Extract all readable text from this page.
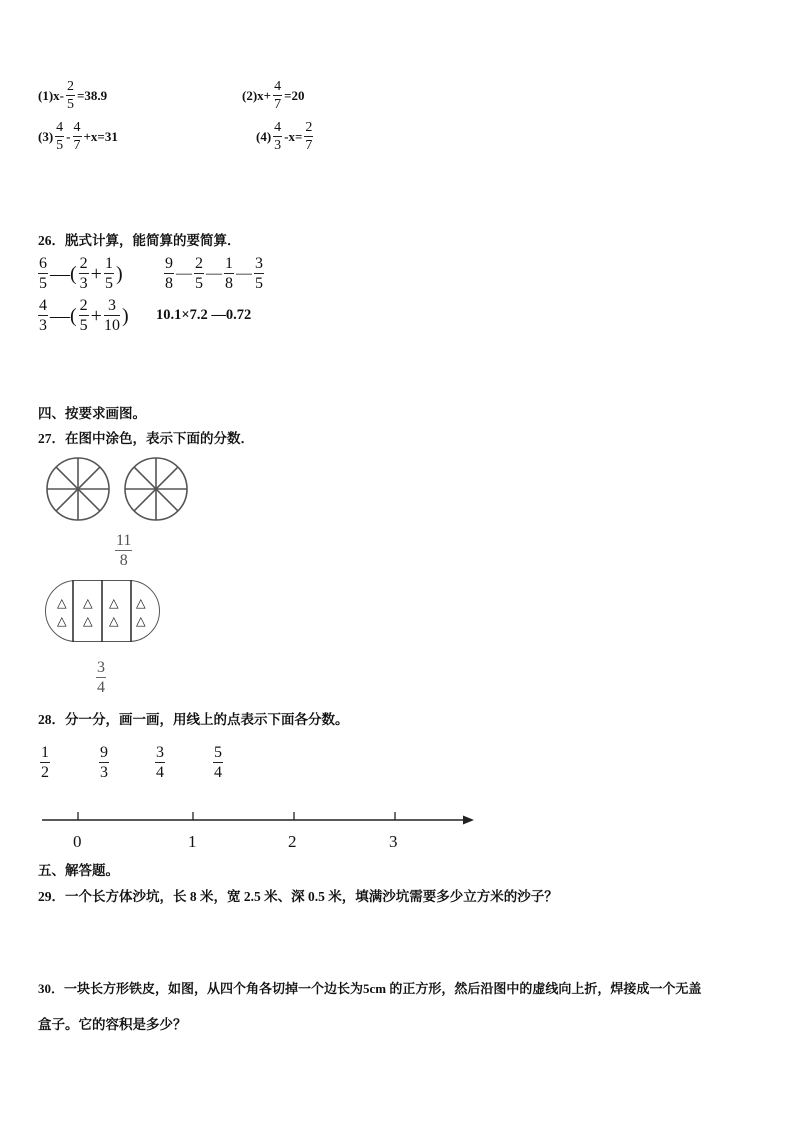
$(1)x- \frac{2}{5} =38.9$	$(2)x+ \frac{4}{7} =20$
$(3) \frac{4}{5} - \frac{4}{7} +x=31$	$(4) \frac{4}{3} -x= \frac{2}{7}$
26．脱式计算，能简算的要简算．
$\frac{6}{5}$ —( $\frac{2}{3} + \frac{1}{5}$ )	$\frac{9}{8}$ — $\frac{2}{5}$ — $\frac{1}{8}$ — $\frac{3}{5}$
$\frac{4}{3}$ —( $\frac{2}{5} + \frac{3}{10}$ ) 10.1×7.2 —0.72
四、按要求画图。
27．在图中涂色，表示下面的分数．
11
8
△
△
△
△
△
△
△
△
3
4
28．分一分，画一画，用线上的点表示下面各分数。
1
2
9
3
3
4
5
4
0	1	2	3
五、解答题。
29．一个长方体沙坑，长 8 米，宽 2.5 米、深 0.5 米，填满沙坑需要多少立方米的沙子？
30．一块长方形铁皮，如图，从四个角各切掉一个边长为5cm 的正方形，然后沿图中的虚线向上折，焊接成一个无盖
盒子。它的容积是多少？
